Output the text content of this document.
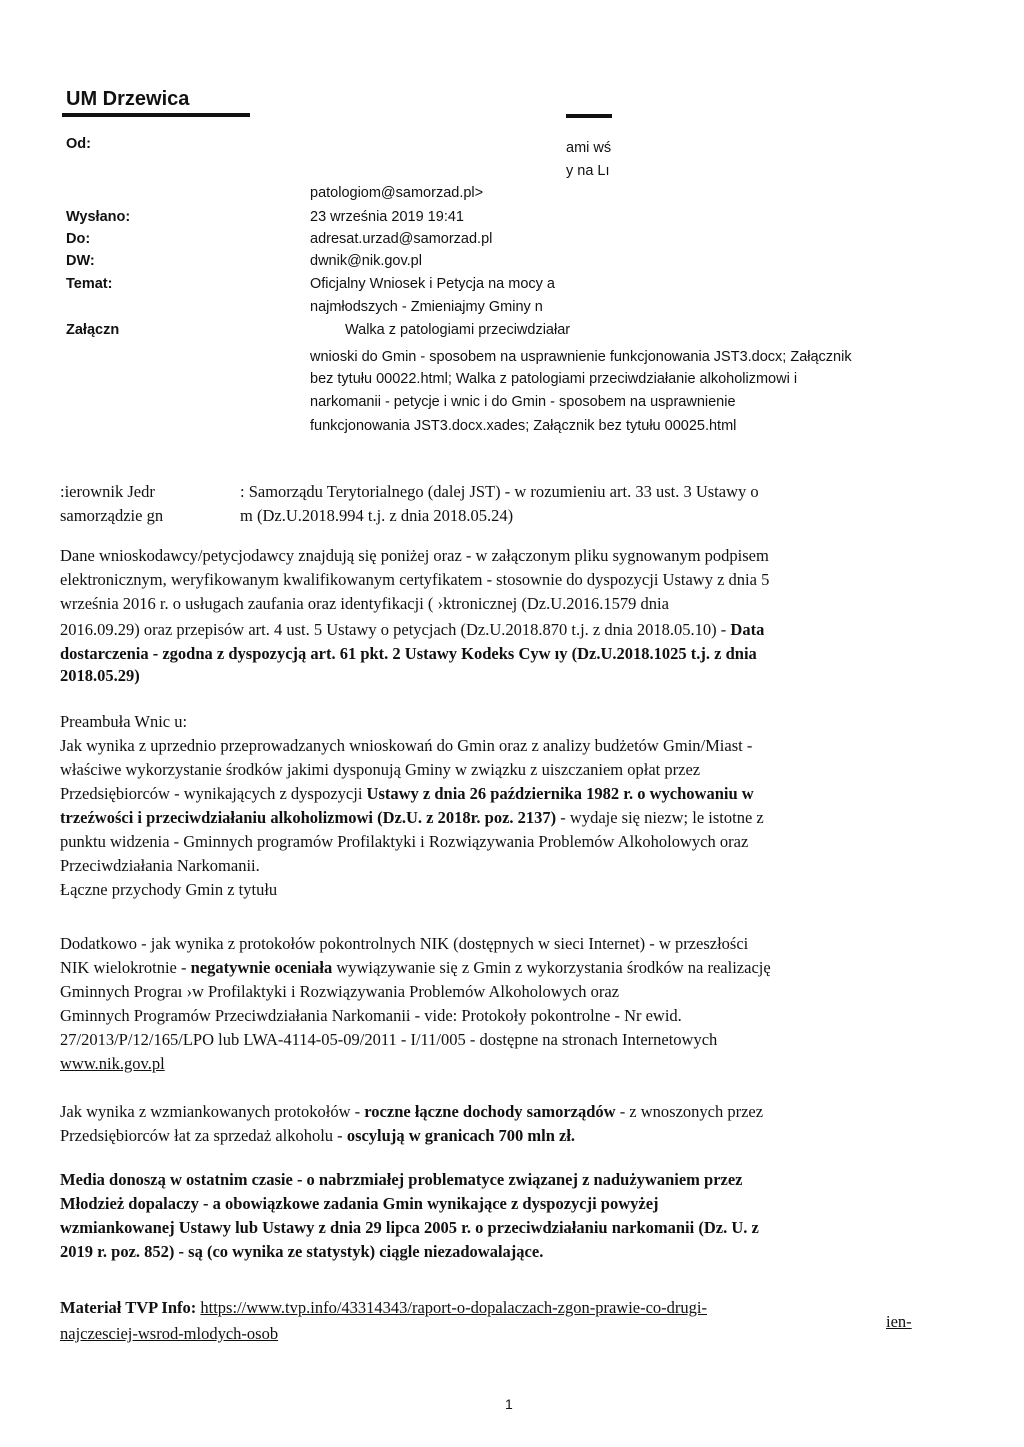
UM Drzewica
Od:	ami wś
y na Lı
patologiom@samorzad.pl>
Wysłano:	23 września 2019 19:41
Do:	adresat.urzad@samorzad.pl
DW:	dwnik@nik.gov.pl
Temat:	Oficjalny Wniosek i Petycja na mocy a
najmłodszych - Zmieniajmy Gminy n
Załączn	Walka z patologiami przeciwdziałar
wnioski do Gmin - sposobem na usprawnienie funkcjonowania JST3.docx; Załącznik
bez tytułu 00022.html; Walka z patologiami przeciwdziałanie alkoholizmowi i
narkomanii - petycje i wnic i do Gmin - sposobem na usprawnienie
funkcjonowania JST3.docx.xades; Załącznik bez tytułu 00025.html
:ierownik Jedr	: Samorządu Terytorialnego (dalej JST) - w rozumieniu art. 33 ust. 3 Ustawy o
samorządzie gn	m (Dz.U.2018.994 t.j. z dnia 2018.05.24)
Dane wnioskodawcy/petycjodawcy znajdują się poniżej oraz - w załączonym pliku sygnowanym podpisem
elektronicznym, weryfikowanym kwalifikowanym certyfikatem - stosownie do dyspozycji Ustawy z dnia 5
września 2016 r. o usługach zaufania oraz identyfikacji ( ›ktronicznej (Dz.U.2016.1579 dnia
2016.09.29) oraz przepisów art. 4 ust. 5 Ustawy o petycjach (Dz.U.2018.870 t.j. z dnia 2018.05.10) - Data
dostarczenia - zgodna z dyspozycją art. 61 pkt. 2 Ustawy Kodeks Cyw ıy (Dz.U.2018.1025 t.j. z dnia
2018.05.29)
Preambuła Wnic u:
Jak wynika z uprzednio przeprowadzanych wnioskowań do Gmin oraz z analizy budżetów Gmin/Miast -
właściwe wykorzystanie środków jakimi dysponują Gminy w związku z uiszczaniem opłat przez
Przedsiębiorców - wynikających z dyspozycji Ustawy z dnia 26 października 1982 r. o wychowaniu w
trzeźwości i przeciwdziałaniu alkoholizmowi (Dz.U. z 2018r. poz. 2137) - wydaje się niezw; le istotne z
punktu widzenia - Gminnych programów Profilaktyki i Rozwiązywania Problemów Alkoholowych oraz
Przeciwdziałania Narkomanii.
Łączne przychody Gmin z tytułu
Dodatkowo - jak wynika z protokołów pokontrolnych NIK (dostępnych w sieci Internet) - w przeszłości
NIK wielokrotnie - negatywnie oceniała wywiązywanie się z Gmin z wykorzystania środków na realizację
Gminnych Prograı ›w Profilaktyki i Rozwiązywania Problemów Alkoholowych oraz
Gminnych Programów Przeciwdziałania Narkomanii - vide: Protokoły pokontrolne - Nr ewid.
27/2013/P/12/165/LPO lub LWA-4114-05-09/2011 - I/11/005 - dostępne na stronach Internetowych
www.nik.gov.pl
Jak wynika z wzmiankowanych protokołów - roczne łączne dochody samorządów - z wnoszonych przez
Przedsiębiorców łat za sprzedaż alkoholu - oscylują w granicach 700 mln zł.
Media donoszą w ostatnim czasie - o nabrzmiałej problematyce związanej z nadużywaniem przez
Młodzież dopalaczy - a obowiązkowe zadania Gmin wynikające z dyspozycji powyżej
wzmiankowanej Ustawy lub Ustawy z dnia 29 lipca 2005 r. o przeciwdziałaniu narkomanii (Dz. U. z
2019 r. poz. 852) - są (co wynika ze statystyk) ciągle niezadowalające.
Materiał TVP Info: https://www.tvp.info/43314343/raport-o-dopalaczach-zgon-prawie-co-drugi-
ien-
najczesciej-wsrod-mlodych-osob
1
